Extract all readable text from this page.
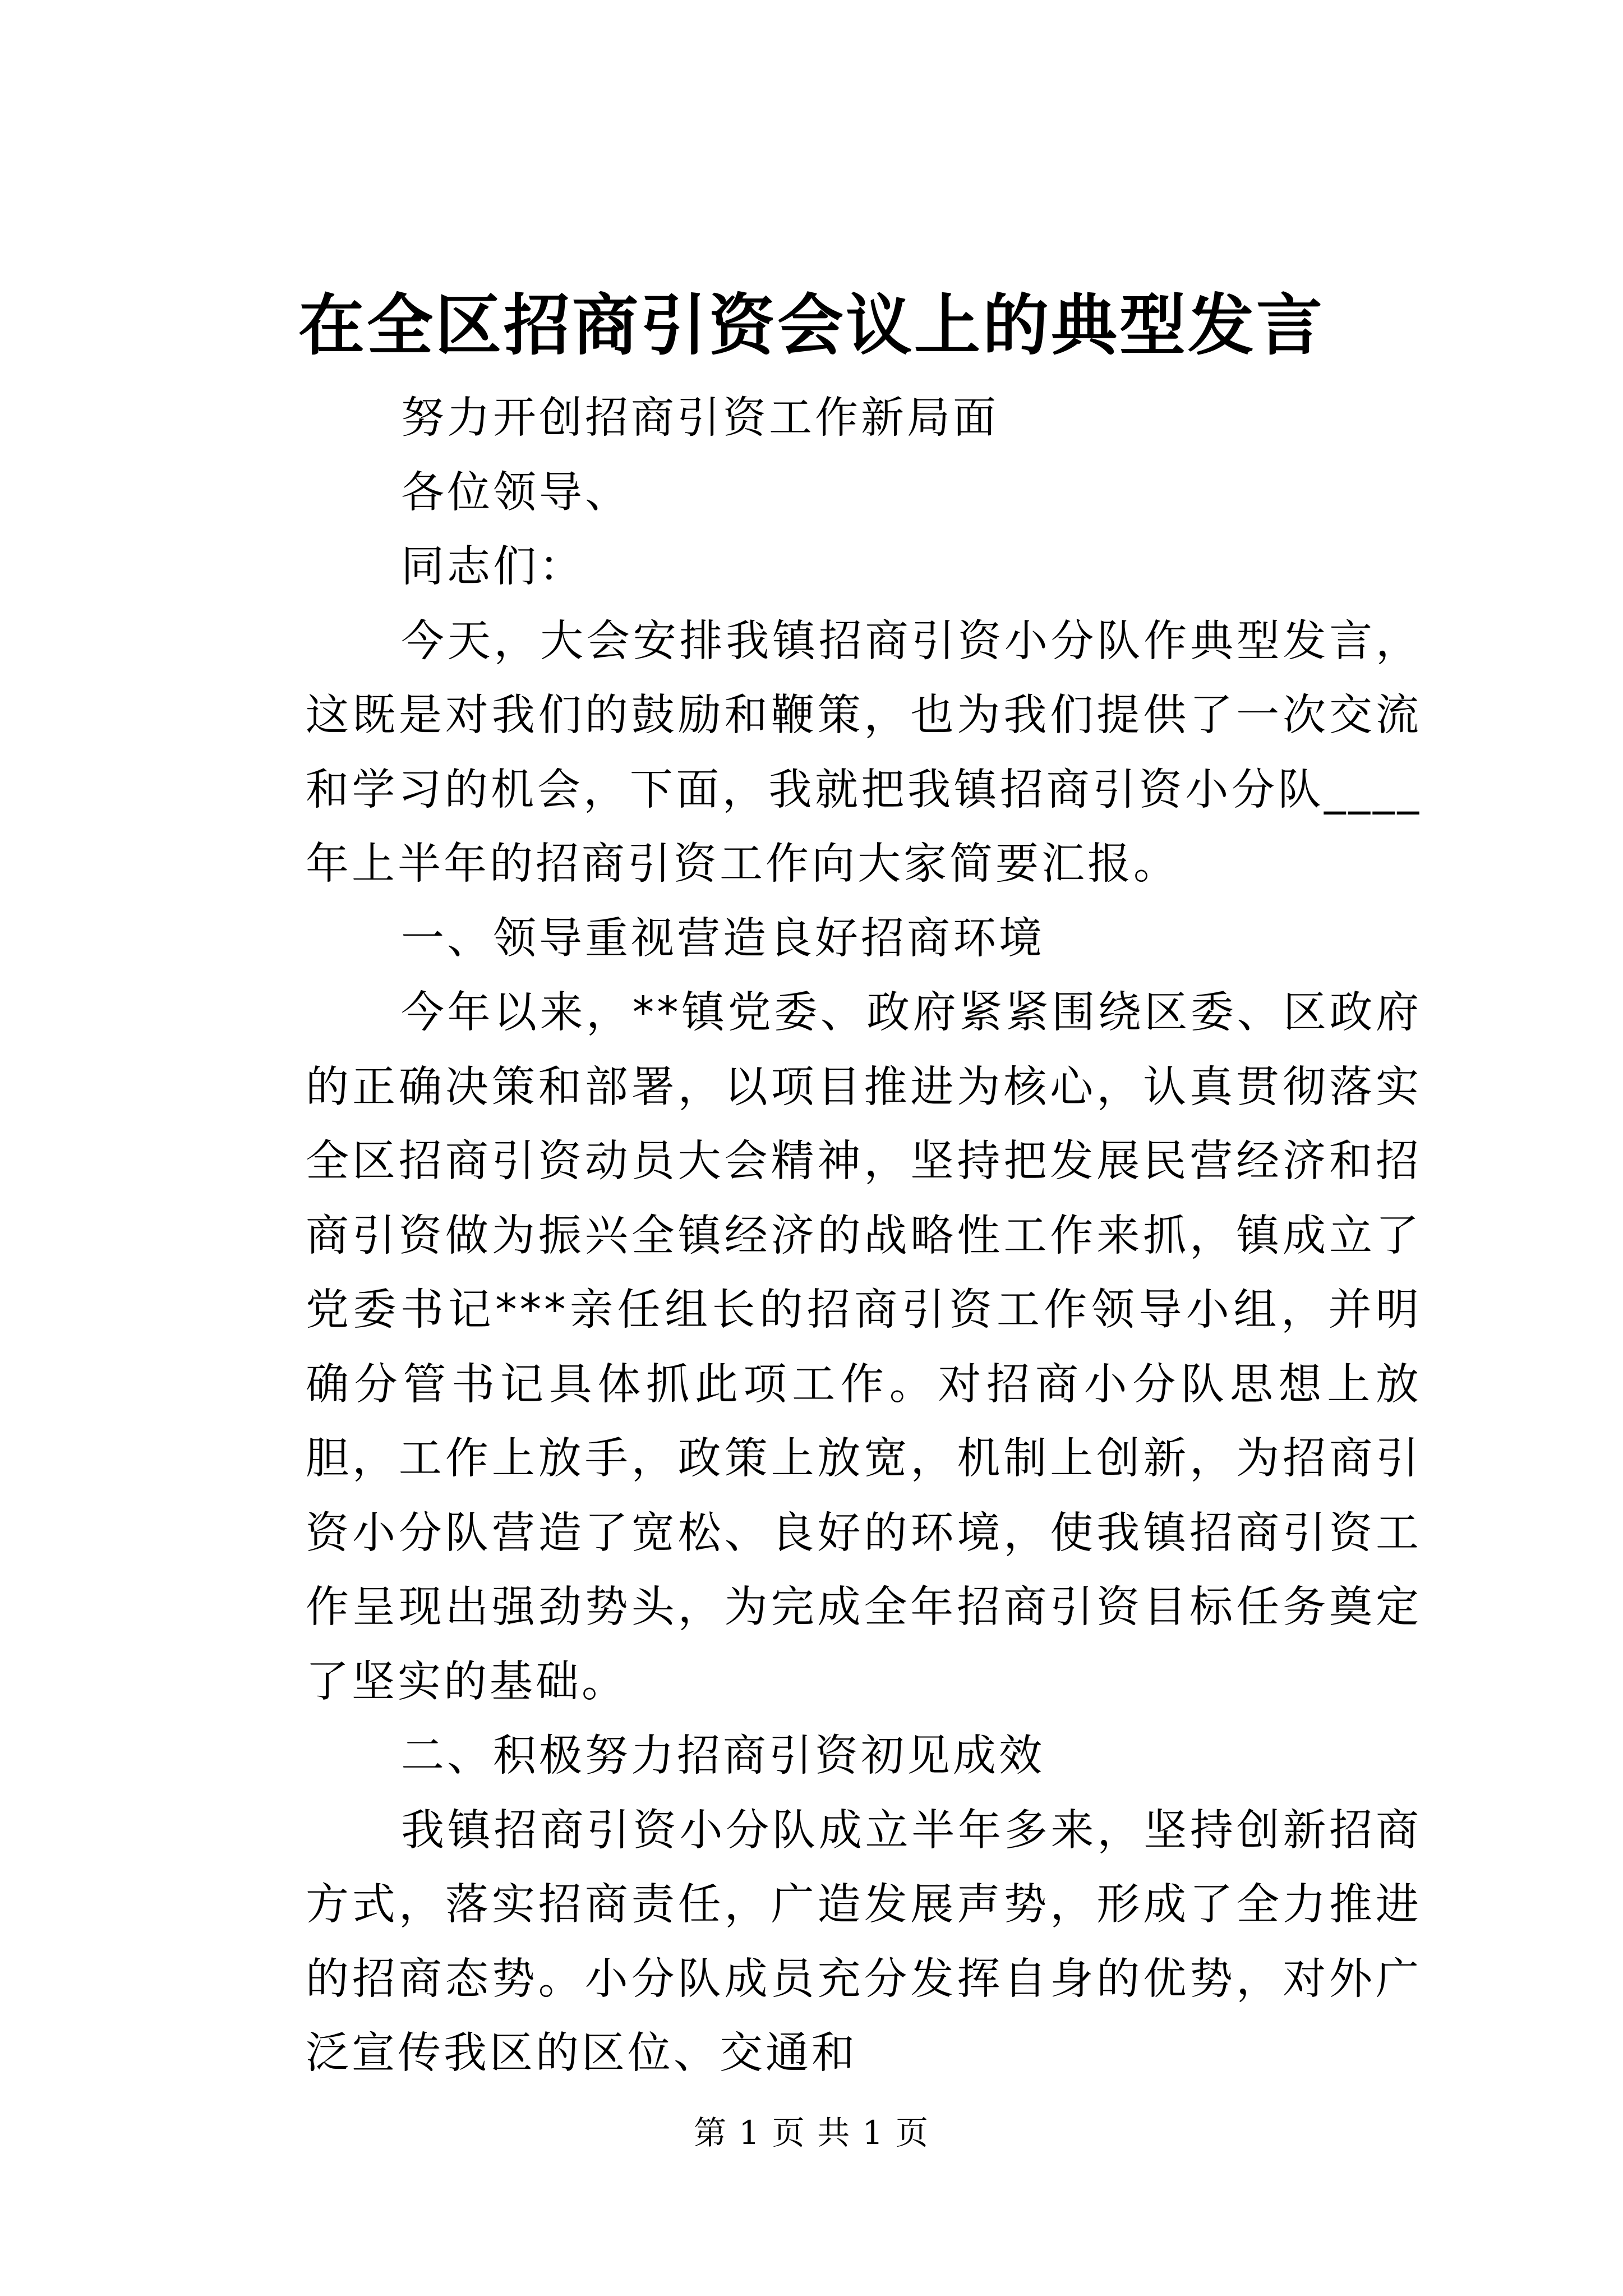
在全区招商引资会议上的典型发言

努力开创招商引资工作新局面

各位领导、

同志们：

今天，大会安排我镇招商引资小分队作典型发言，这既是对我们的鼓励和鞭策，也为我们提供了一次交流和学习的机会，下面，我就把我镇招商引资小分队____年上半年的招商引资工作向大家简要汇报。

一、领导重视营造良好招商环境

今年以来，**镇党委、政府紧紧围绕区委、区政府的正确决策和部署，以项目推进为核心，认真贯彻落实全区招商引资动员大会精神，坚持把发展民营经济和招商引资做为振兴全镇经济的战略性工作来抓，镇成立了党委书记***亲任组长的招商引资工作领导小组，并明确分管书记具体抓此项工作。对招商小分队思想上放胆，工作上放手，政策上放宽，机制上创新，为招商引资小分队营造了宽松、良好的环境，使我镇招商引资工作呈现出强劲势头，为完成全年招商引资目标任务奠定了坚实的基础。

二、积极努力招商引资初见成效

我镇招商引资小分队成立半年多来，坚持创新招商方式，落实招商责任，广造发展声势，形成了全力推进的招商态势。小分队成员充分发挥自身的优势，对外广泛宣传我区的区位、交通和

第 1 页 共 1 页
